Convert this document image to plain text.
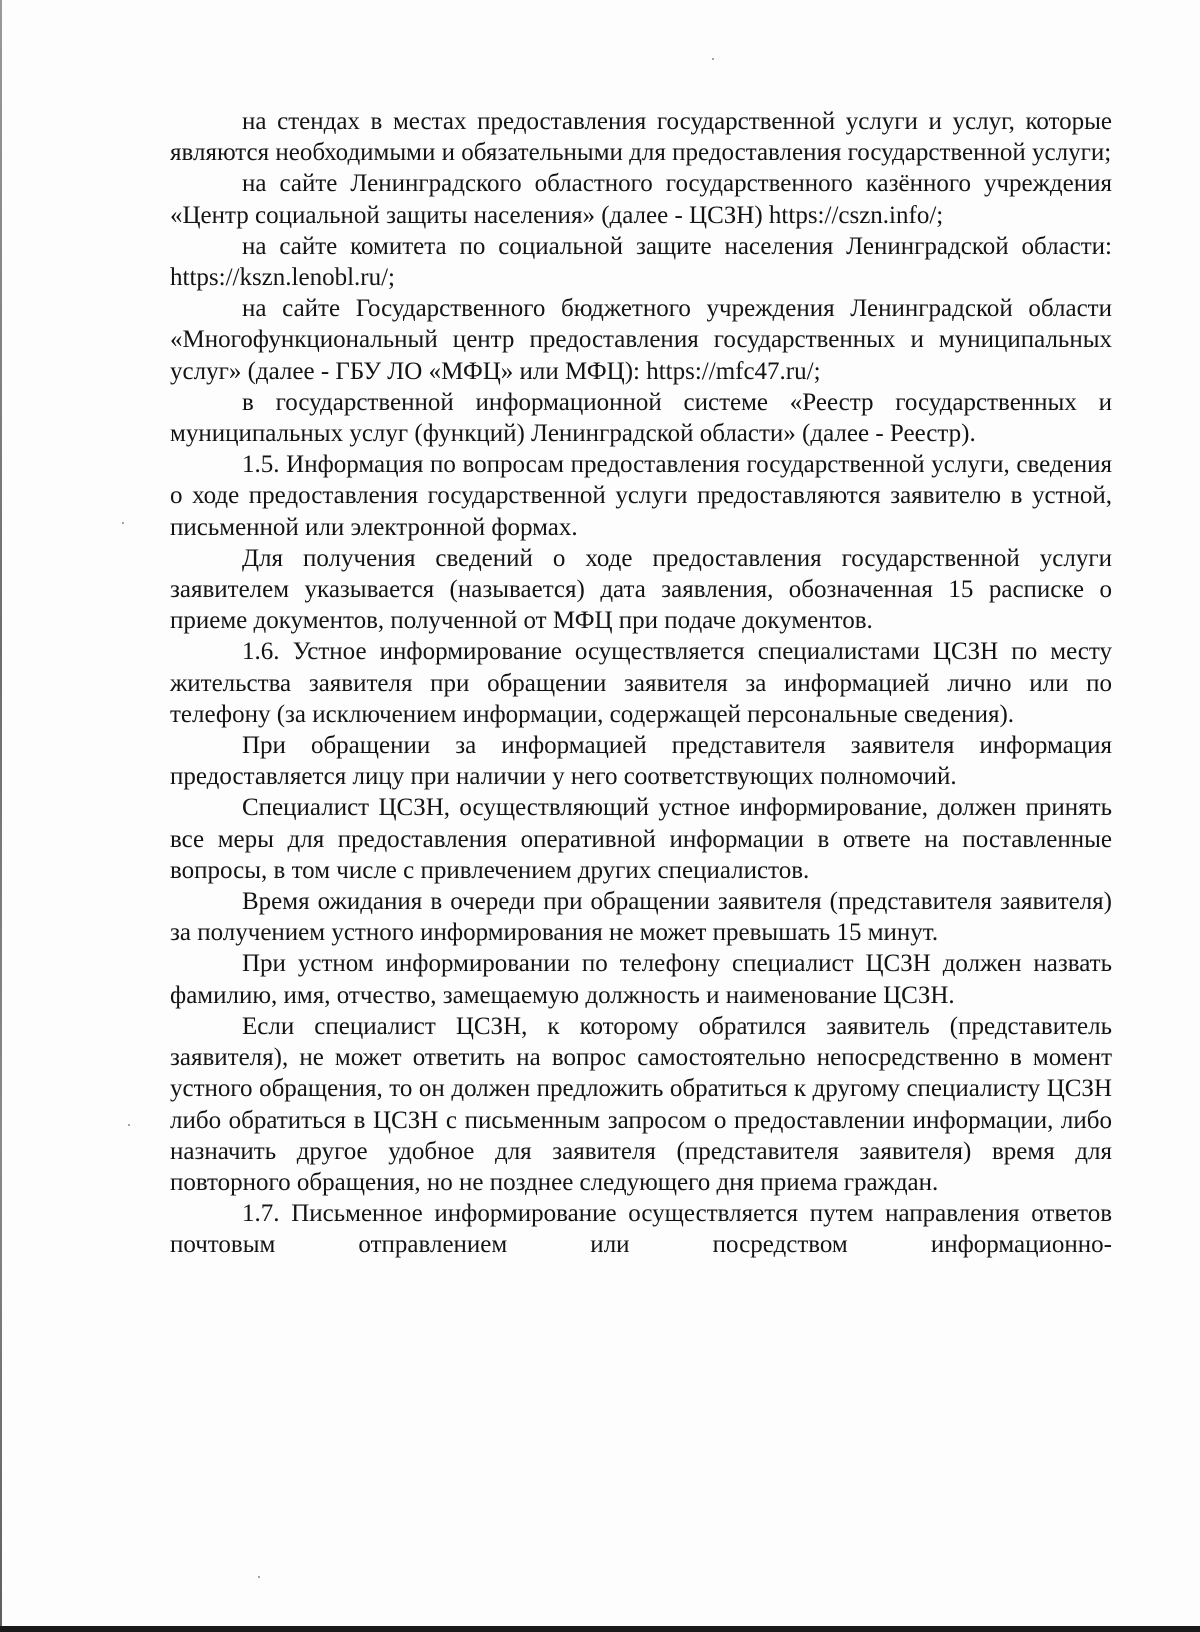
на стендах в местах предоставления государственной услуги и услуг, которые являются необходимыми и обязательными для предоставления государственной услуги;

на сайте Ленинградского областного государственного казённого учреждения «Центр социальной защиты населения» (далее - ЦСЗН) https://cszn.info/;

на сайте комитета по социальной защите населения Ленинградской области: https://kszn.lenobl.ru/;

на сайте Государственного бюджетного учреждения Ленинградской области «Многофункциональный центр предоставления государственных и муниципальных услуг» (далее - ГБУ ЛО «МФЦ» или МФЦ): https://mfc47.ru/;

в государственной информационной системе «Реестр государственных и муниципальных услуг (функций) Ленинградской области» (далее - Реестр).

1.5. Информация по вопросам предоставления государственной услуги, сведения о ходе предоставления государственной услуги предоставляются заявителю в устной, письменной или электронной формах.

Для получения сведений о ходе предоставления государственной услуги заявителем указывается (называется) дата заявления, обозначенная 15 расписке о приеме документов, полученной от МФЦ при подаче документов.

1.6. Устное информирование осуществляется специалистами ЦСЗН по месту жительства заявителя при обращении заявителя за информацией лично или по телефону (за исключением информации, содержащей персональные сведения).

При обращении за информацией представителя заявителя информация предоставляется лицу при наличии у него соответствующих полномочий.

Специалист ЦСЗН, осуществляющий устное информирование, должен принять все меры для предоставления оперативной информации в ответе на поставленные вопросы, в том числе с привлечением других специалистов.

Время ожидания в очереди при обращении заявителя (представителя заявителя) за получением устного информирования не может превышать 15 минут.

При устном информировании по телефону специалист ЦСЗН должен назвать фамилию, имя, отчество, замещаемую должность и наименование ЦСЗН.

Если специалист ЦСЗН, к которому обратился заявитель (представитель заявителя), не может ответить на вопрос самостоятельно непосредственно в момент устного обращения, то он должен предложить обратиться к другому специалисту ЦСЗН либо обратиться в ЦСЗН с письменным запросом о предоставлении информации, либо назначить другое удобное для заявителя (представителя заявителя) время для повторного обращения, но не позднее следующего дня приема граждан.

1.7. Письменное информирование осуществляется путем направления ответов почтовым отправлением или посредством информационно-
